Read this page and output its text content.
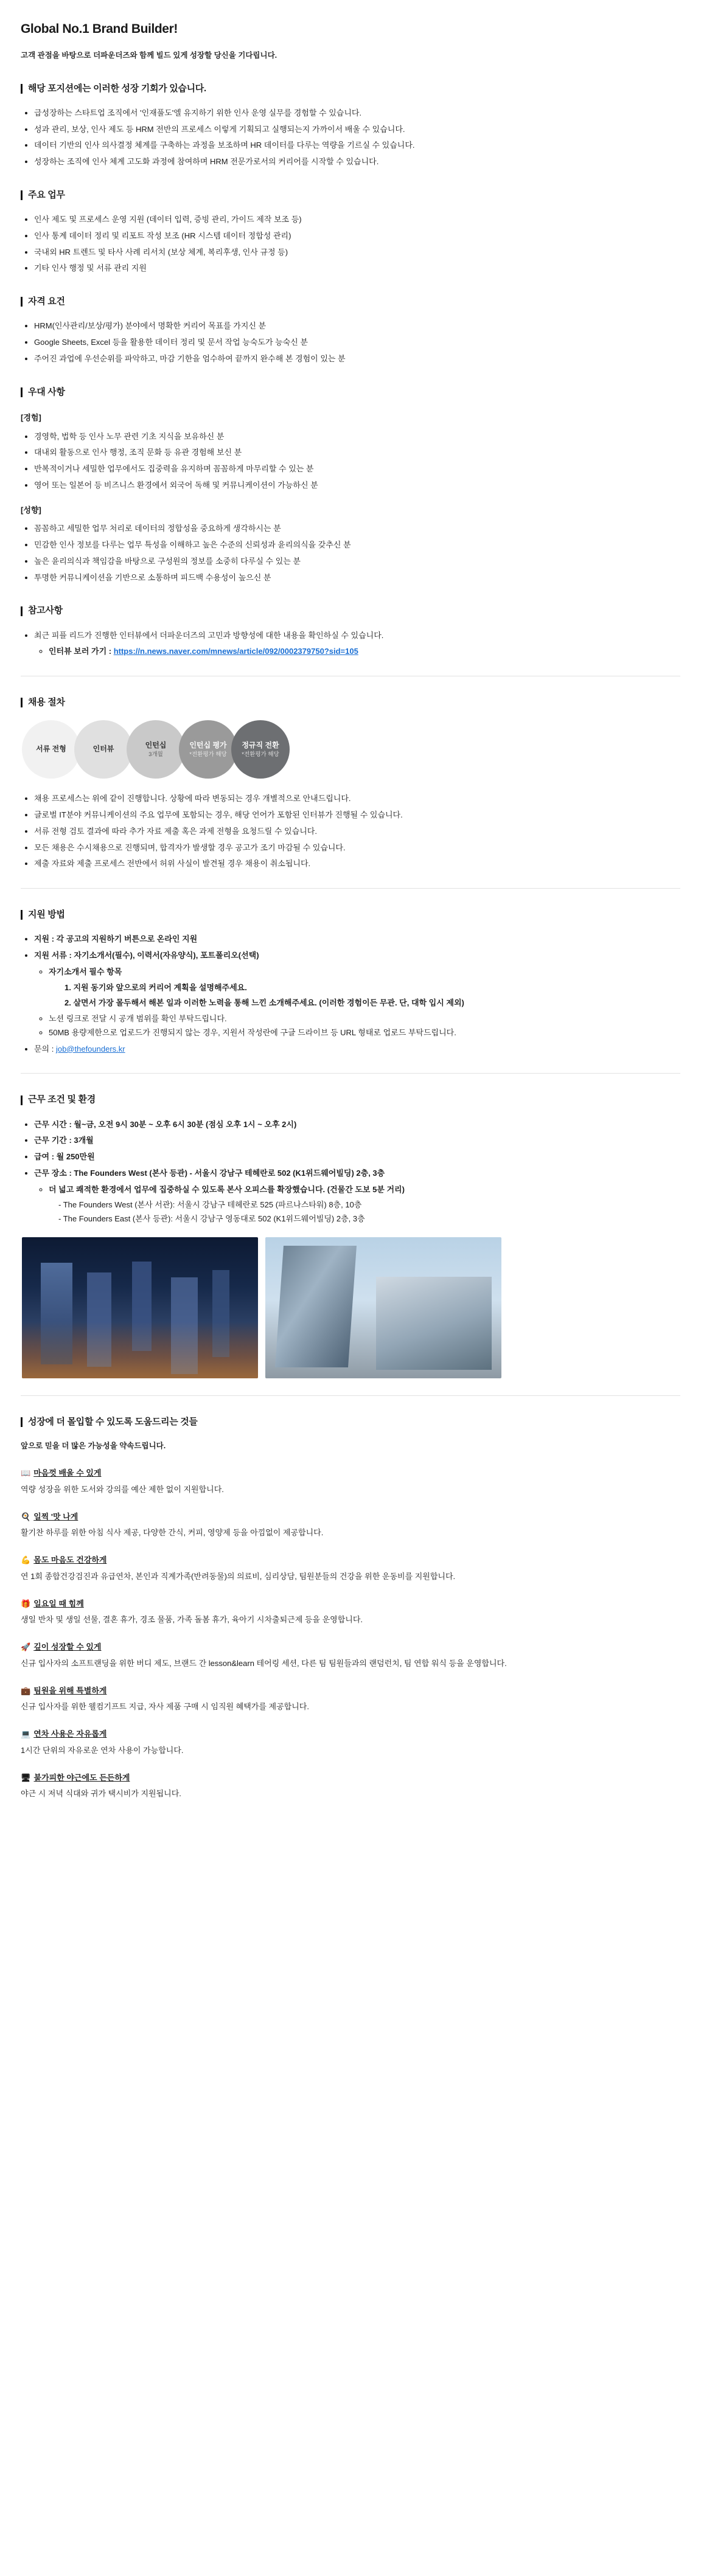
Global No.1 Brand Builder!

고객 관점을 바탕으로 더파운더즈와 함께 빌드 있게 성장할 당신을 기다립니다.

해당 포지션에는 이러한 성장 기회가 있습니다.
• 급성장하는 스타트업 조직에서 '인재풀도'엘 유지하기 위한 인사 운영 실무를 경험할 수 있습니다.
• 성과 관리, 보상, 인사 제도 등 HRM 전반의 프로세스 이렇게 기획되고 실행되는지 가까이서 배울 수 있습니다.
• 데이터 기반의 인사 의사결정 체계를 구축하는 과정을 보조하며 HR 데이터를 다루는 역량을 기르실 수 있습니다.
• 성장하는 조직에 인사 체계 고도화 과정에 참여하며 HRM 전문가로서의 커리어를 시작할 수 있습니다.
주요 업무
• 인사 제도 및 프로세스 운영 지원 (데이터 입력, 증빙 관리, 가이드 제작 보조 등)
• 인사 통계 데이터 정리 및 리포트 작성 보조 (HR 시스템 데이터 정합성 관리)
• 국내외 HR 트렌드 및 타사 사례 리서치 (보상 체계, 복리후생, 인사 규정 등)
• 기타 인사 행정 및 서류 관리 지원
자격 요건
• HRM(인사관리/보상/평가) 분야에서 명확한 커리어 목표를 가지신 분
• Google Sheets, Excel 등을 활용한 데이터 정리 및 문서 작업 능숙도가 능숙신 분
• 주어진 과업에 우선순위를 파악하고, 마감 기한을 엄수하여 끝까지 완수해 본 경험이 있는 분
우대 사항
[경험]
• 경영학, 법학 등 인사 노무 관련 기초 지식을 보유하신 분
• 대내외 활동으로 인사 행정, 조직 문화 등 유관 경험해 보신 분
• 반복적이거나 세밀한 업무에서도 집중력을 유지하며 꼼꼼하게 마무리할 수 있는 분
• 영어 또는 일본어 등 비즈니스 환경에서 외국어 독해 및 커뮤니케이션이 가능하신 분
[성향]
• 꼼꼼하고 세밀한 업무 처리로 데이터의 정합성을 중요하게 생각하시는 분
• 민감한 인사 정보를 다루는 업무 특성을 이해하고 높은 수준의 신뢰성과 윤리의식을 갖추신 분
• 높은 윤리의식과 책임감을 바탕으로 구성원의 정보를 소중히 다루실 수 있는 분
• 투명한 커뮤니케이션을 기반으로 소통하며 피드백 수용성이 높으신 분
참고사항
• 최근 피플 리드가 진행한 인터뷰에서 더파운더즈의 고민과 방향성에 대한 내용을 확인하실 수 있습니다.
◦ 인터뷰 보러 가기 : https://n.news.naver.com/mnews/article/092/0002379750?sid=105
채용 절차
서류 전형	인터뷰	인턴십
3개월
인턴십 평가
*전환평가 해당
정규직 전환
*전환평가 해당
• 채용 프로세스는 위에 같이 진행합니다. 상황에 따라 변동되는 경우 개별적으로 안내드립니다.
• 글로벌 IT분야 커뮤니케이션의 주요 업무에 포함되는 경우, 해당 언어가 포함된 인터뷰가 진행될 수 있습니다.
• 서류 전형 검토 결과에 따라 추가 자료 제출 혹은 과제 전형을 요청드릴 수 있습니다.
• 모든 채용은 수시채용으로 진행되며, 합격자가 발생할 경우 공고가 조기 마감될 수 있습니다.
• 제출 자료와 제출 프로세스 전반에서 허위 사실이 발견될 경우 채용이 취소됩니다.
지원 방법
• 지원 : 각 공고의 지원하기 버튼으로 온라인 지원
• 지원 서류 : 자기소개서(필수), 이력서(자유양식), 포트폴리오(선택)
◦ 자기소개서 필수 항목
1. 지원 동기와 앞으로의 커리어 계획을 설명해주세요.
2. 살면서 가장 몰두해서 해본 일과 이러한 노력을 통해 느낀 소개해주세요. (이러한 경험이든 무관. 단, 대학 입시 제외)
◦ 노션 링크로 전달 시 공개 범위를 확인 부탁드립니다.
◦ 50MB 용량제한으로 업로드가 진행되지 않는 경우, 지원서 작성란에 구글 드라이브 등 URL 형태로 업로드 부탁드립니다.
• 문의 : job@thefounders.kr
근무 조건 및 환경
• 근무 시간 : 월~금, 오전 9시 30분 ~ 오후 6시 30분 (점심 오후 1시 ~ 오후 2시)
• 근무 기간 : 3개월
• 급여 : 월 250만원
• 근무 장소 : The Founders West (본사 등관) - 서울시 강남구 테헤란로 502 (K1위드웨어빌딩) 2층, 3층
◦ 더 넓고 쾌적한 환경에서 업무에 집중하실 수 있도록 본사 오피스를 확장했습니다. (건물간 도보 5분 거리)
- The Founders West (본사 서관): 서울시 강남구 테헤란로 525 (파르나스타워) 8층, 10층
- The Founders East (본사 등관): 서울시 강남구 영동대로 502 (K1위드웨어빌딩) 2층, 3층
성장에 더 몰입할 수 있도록 도움드리는 것들

앞으로 믿을 더 많은 가능성을 약속드립니다.

📖 마음껏 배울 수 있게

역량 성장을 위한 도서와 강의를 예산 제한 없이 지원합니다.

🍳 일찍 '맛 나게

활기찬 하루를 위한 아침 식사 제공, 다양한 간식, 커피, 영양제 등을 아낌없이 제공합니다.

💪 몸도 마음도 건강하게

연 1회 종합건강검진과 유급연차, 본인과 직계가족(반려동물)의 의료비, 심리상담, 팀원분들의 건강을 위한 운동비를 지원합니다.

🎁 일요일 때 힘께

생일 반차 및 생일 선물, 결혼 휴가, 경조 물품, 가족 돌봄 휴가, 육아기 시차출퇴근제 등을 운영합니다.

🚀 깊이 성장할 수 있게

신규 입사자의 소프트랜딩을 위한 버디 제도, 브랜드 간 lesson&learn 테어링 세션, 다른 팀 팀원들과의 랜덤런치, 팀 연합 워식 등을 운영합니다.

💼 팀원을 위해 특별하게

신규 입사자를 위한 웰컴기프트 지급, 자사 제품 구매 시 임직원 혜택가를 제공합니다.

💻 연차 사용은 자유롭게

1시간 단위의 자유로운 연차 사용이 가능합니다.

🖥 불가피한 야근에도 든든하게

야근 시 저녁 식대와 귀가 택시비가 지원됩니다.
